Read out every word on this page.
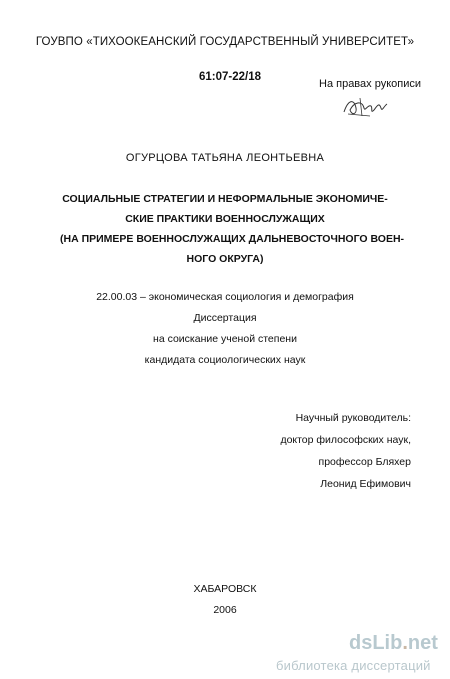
ГОУВПО «ТИХООКЕАНСКИЙ ГОСУДАРСТВЕННЫЙ УНИВЕРСИТЕТ»
61:07-22/18
На правах рукописи
ОГУРЦОВА ТАТЬЯНА ЛЕОНТЬЕВНА
СОЦИАЛЬНЫЕ СТРАТЕГИИ И НЕФОРМАЛЬНЫЕ ЭКОНОМИЧЕ-
СКИЕ ПРАКТИКИ ВОЕННОСЛУЖАЩИХ
(НА ПРИМЕРЕ ВОЕННОСЛУЖАЩИХ ДАЛЬНЕВОСТОЧНОГО ВОЕН-
НОГО ОКРУГА)
22.00.03 – экономическая социология и демография
Диссертация
на соискание ученой степени
кандидата социологических наук
Научный руководитель:
доктор философских наук,
профессор Бляхер
Леонид Ефимович
ХАБАРОВСК
2006
dsLib.net
библиотека диссертаций
